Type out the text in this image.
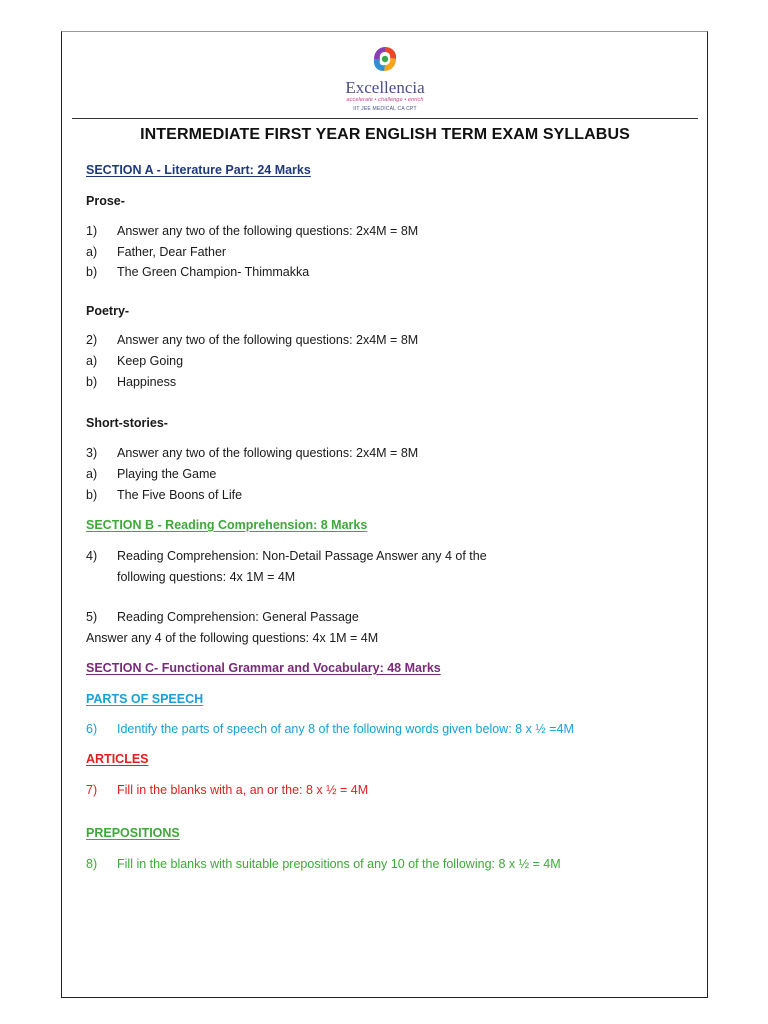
Excellencia
accelerate • challenge • enrich
IIT JEE MEDICAL CA CPT
INTERMEDIATE FIRST YEAR ENGLISH TERM EXAM SYLLABUS
SECTION A - Literature Part: 24 Marks
Prose-
1) Answer any two of the following questions: 2x4M = 8M
a) Father, Dear Father
b) The Green Champion- Thimmakka
Poetry-
2) Answer any two of the following questions: 2x4M = 8M
a) Keep Going
b) Happiness
Short-stories-
3) Answer any two of the following questions: 2x4M = 8M
a) Playing the Game
b) The Five Boons of Life
SECTION B - Reading Comprehension: 8 Marks
4) Reading Comprehension: Non-Detail Passage Answer any 4 of the
following questions: 4x 1M = 4M
5) Reading Comprehension: General Passage
Answer any 4 of the following questions: 4x 1M = 4M
SECTION C- Functional Grammar and Vocabulary: 48 Marks
PARTS OF SPEECH
6) Identify the parts of speech of any 8 of the following words given below: 8 x ½ =4M
ARTICLES
7) Fill in the blanks with a, an or the: 8 x ½ = 4M
PREPOSITIONS
8) Fill in the blanks with suitable prepositions of any 10 of the following: 8 x ½ = 4M
